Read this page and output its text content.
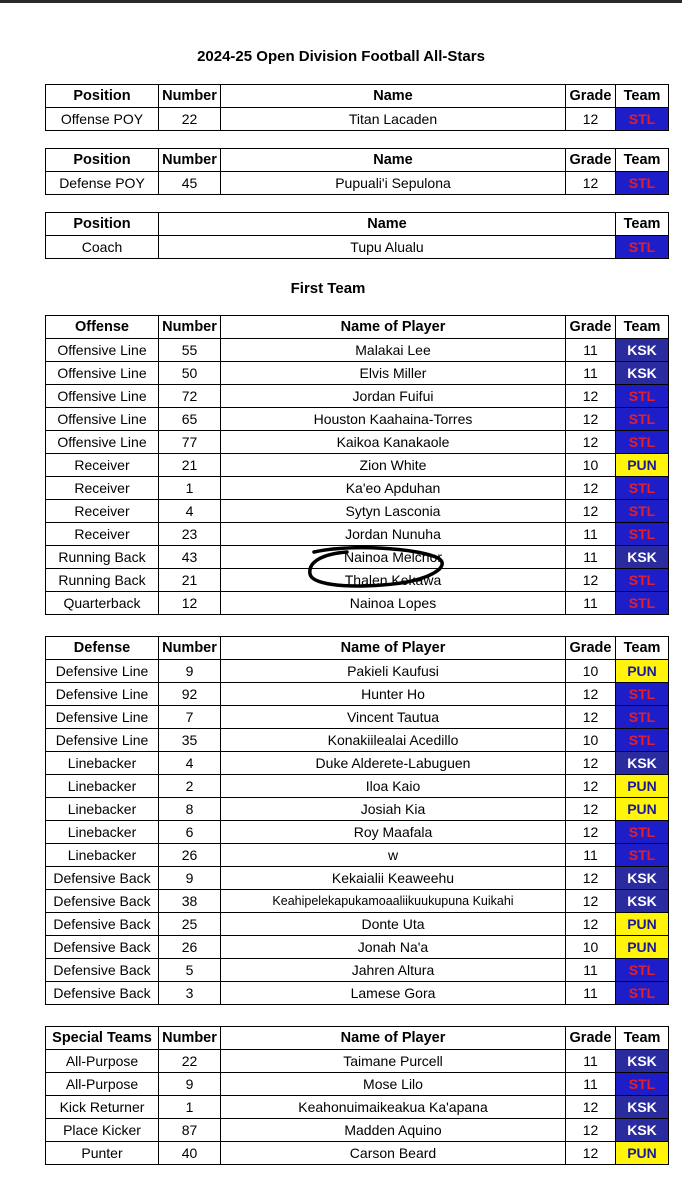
2024-25 Open Division Football All-Stars
Position	Number	Name	Grade	Team
Offense POY	22	Titan Lacaden	12	STL
Position	Number	Name	Grade	Team
Defense POY	45	Pupuali'i Sepulona	12	STL
Position	Name	Team
Coach	Tupu Alualu	STL
First Team
Offense	Number	Name of Player	Grade	Team
Offensive Line	55	Malakai Lee	11	KSK
Offensive Line	50	Elvis Miller	11	KSK
Offensive Line	72	Jordan Fuifui	12	STL
Offensive Line	65	Houston Kaahaina-Torres	12	STL
Offensive Line	77	Kaikoa Kanakaole	12	STL
Receiver	21	Zion White	10	PUN
Receiver	1	Ka'eo Apduhan	12	STL
Receiver	4	Sytyn Lasconia	12	STL
Receiver	23	Jordan Nunuha	11	STL
Running Back	43	Nainoa Melchor	11	KSK
Running Back	21	Thalen Kekawa	12	STL
Quarterback	12	Nainoa Lopes	11	STL
Defense	Number	Name of Player	Grade	Team
Defensive Line	9	Pakieli Kaufusi	10	PUN
Defensive Line	92	Hunter Ho	12	STL
Defensive Line	7	Vincent Tautua	12	STL
Defensive Line	35	Konakiilealai Acedillo	10	STL
Linebacker	4	Duke Alderete-Labuguen	12	KSK
Linebacker	2	Iloa Kaio	12	PUN
Linebacker	8	Josiah Kia	12	PUN
Linebacker	6	Roy Maafala	12	STL
Linebacker	26	w	11	STL
Defensive Back	9	Kekaialii Keaweehu	12	KSK
Defensive Back	38	Keahipelekapukamoaaliikuukupuna Kuikahi	12	KSK
Defensive Back	25	Donte Uta	12	PUN
Defensive Back	26	Jonah Na'a	10	PUN
Defensive Back	5	Jahren Altura	11	STL
Defensive Back	3	Lamese Gora	11	STL
Special Teams	Number	Name of Player	Grade	Team
All-Purpose	22	Taimane Purcell	11	KSK
All-Purpose	9	Mose Lilo	11	STL
Kick Returner	1	Keahonuimaikeakua Ka'apana	12	KSK
Place Kicker	87	Madden Aquino	12	KSK
Punter	40	Carson Beard	12	PUN
